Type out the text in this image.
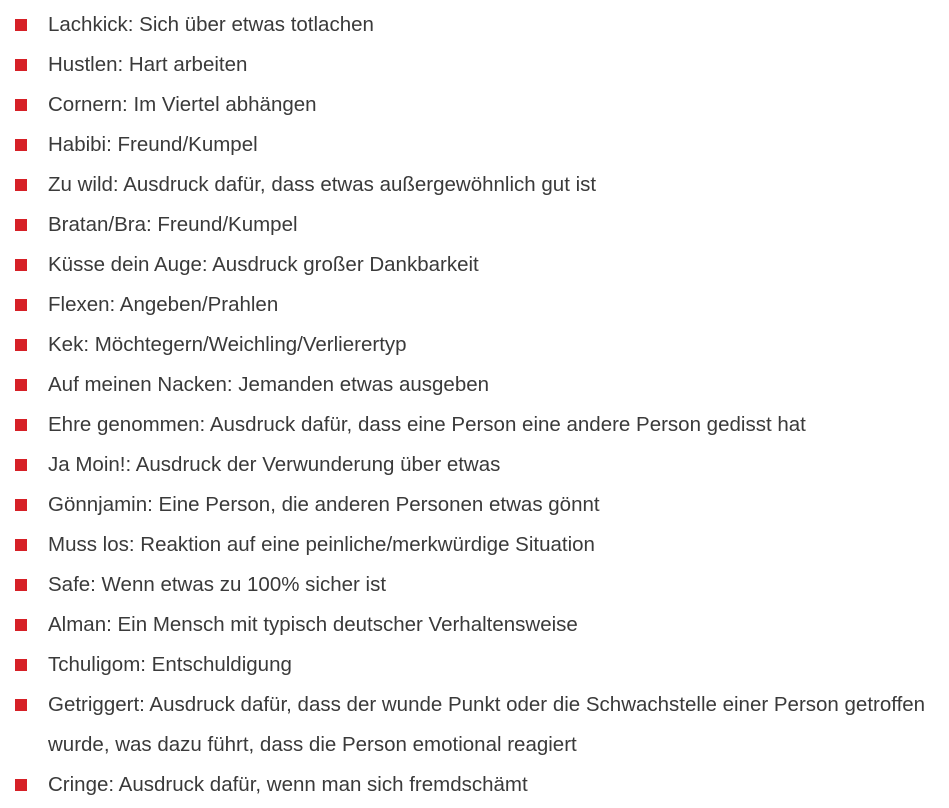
Lachkick: Sich über etwas totlachen
Hustlen: Hart arbeiten
Cornern: Im Viertel abhängen
Habibi: Freund/Kumpel
Zu wild: Ausdruck dafür, dass etwas außergewöhnlich gut ist
Bratan/Bra: Freund/Kumpel
Küsse dein Auge: Ausdruck großer Dankbarkeit
Flexen: Angeben/Prahlen
Kek: Möchtegern/Weichling/Verlierertyp
Auf meinen Nacken: Jemanden etwas ausgeben
Ehre genommen: Ausdruck dafür, dass eine Person eine andere Person gedisst hat
Ja Moin!: Ausdruck der Verwunderung über etwas
Gönnjamin: Eine Person, die anderen Personen etwas gönnt
Muss los: Reaktion auf eine peinliche/merkwürdige Situation
Safe: Wenn etwas zu 100% sicher ist
Alman: Ein Mensch mit typisch deutscher Verhaltensweise
Tchuligom: Entschuldigung
Getriggert: Ausdruck dafür, dass der wunde Punkt oder die Schwachstelle einer Person getroffen wurde, was dazu führt, dass die Person emotional reagiert
Cringe: Ausdruck dafür, wenn man sich fremdschämt
